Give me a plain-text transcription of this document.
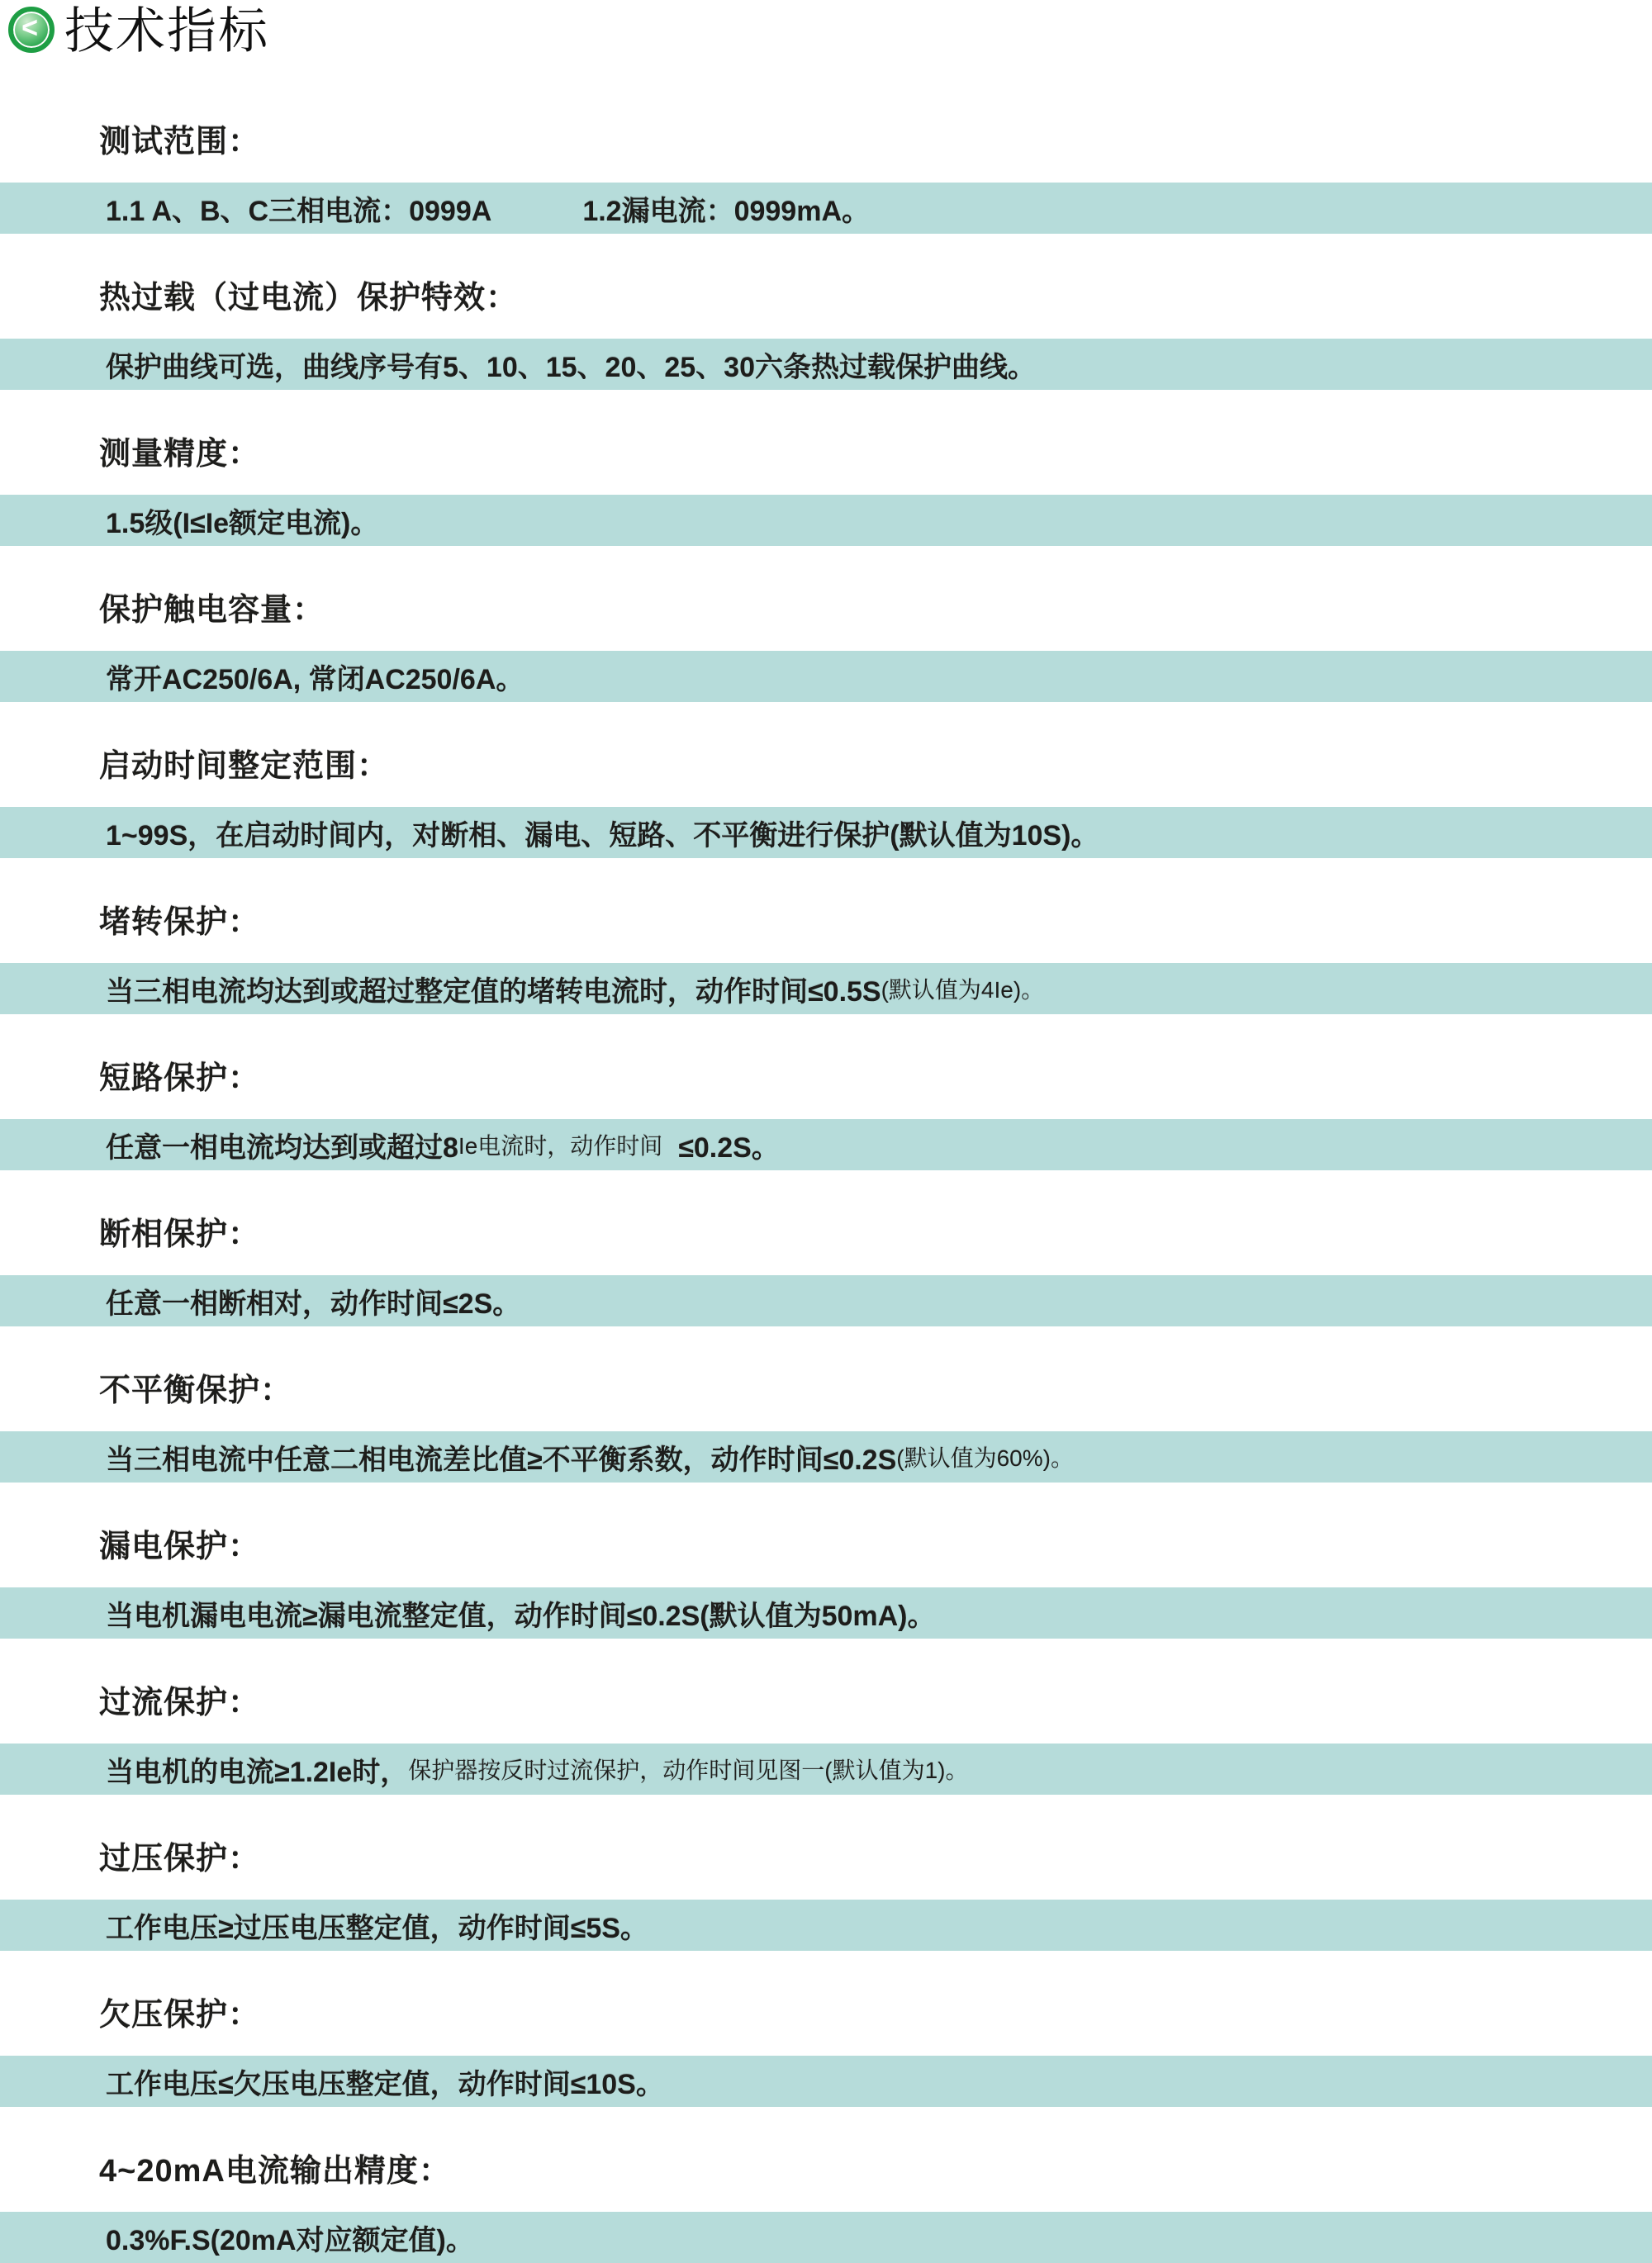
< 技术指标
测试范围：
1.1 A、B、C三相电流：0999A	1.2漏电流：0999mA。
热过载（过电流）保护特效：
保护曲线可选，曲线序号有5、10、15、20、25、30六条热过载保护曲线。
测量精度：
1.5级(I≤Ie额定电流)。
保护触电容量：
常开AC250/6A, 常闭AC250/6A。
启动时间整定范围：
1~99S，在启动时间内，对断相、漏电、短路、不平衡进行保护(默认值为10S)。
堵转保护：
当三相电流均达到或超过整定值的堵转电流时，动作时间≤0.5S (默认值为4Ie)。
短路保护：
任意一相电流均达到或超过8 Ie电流时，动作时间 ≤0.2S。
断相保护：
任意一相断相对，动作时间≤2S。
不平衡保护：
当三相电流中任意二相电流差比值≥不平衡系数，动作时间≤0.2S (默认值为60%)。
漏电保护：
当电机漏电电流≥漏电流整定值，动作时间≤0.2S(默认值为50mA)。
过流保护：
当电机的电流≥1.2Ie时， 保护器按反时过流保护，动作时间见图一(默认值为1)。
过压保护：
工作电压≥过压电压整定值，动作时间≤5S。
欠压保护：
工作电压≤欠压电压整定值，动作时间≤10S。
4~20mA电流输出精度：
0.3%F.S(20mA对应额定值)。
